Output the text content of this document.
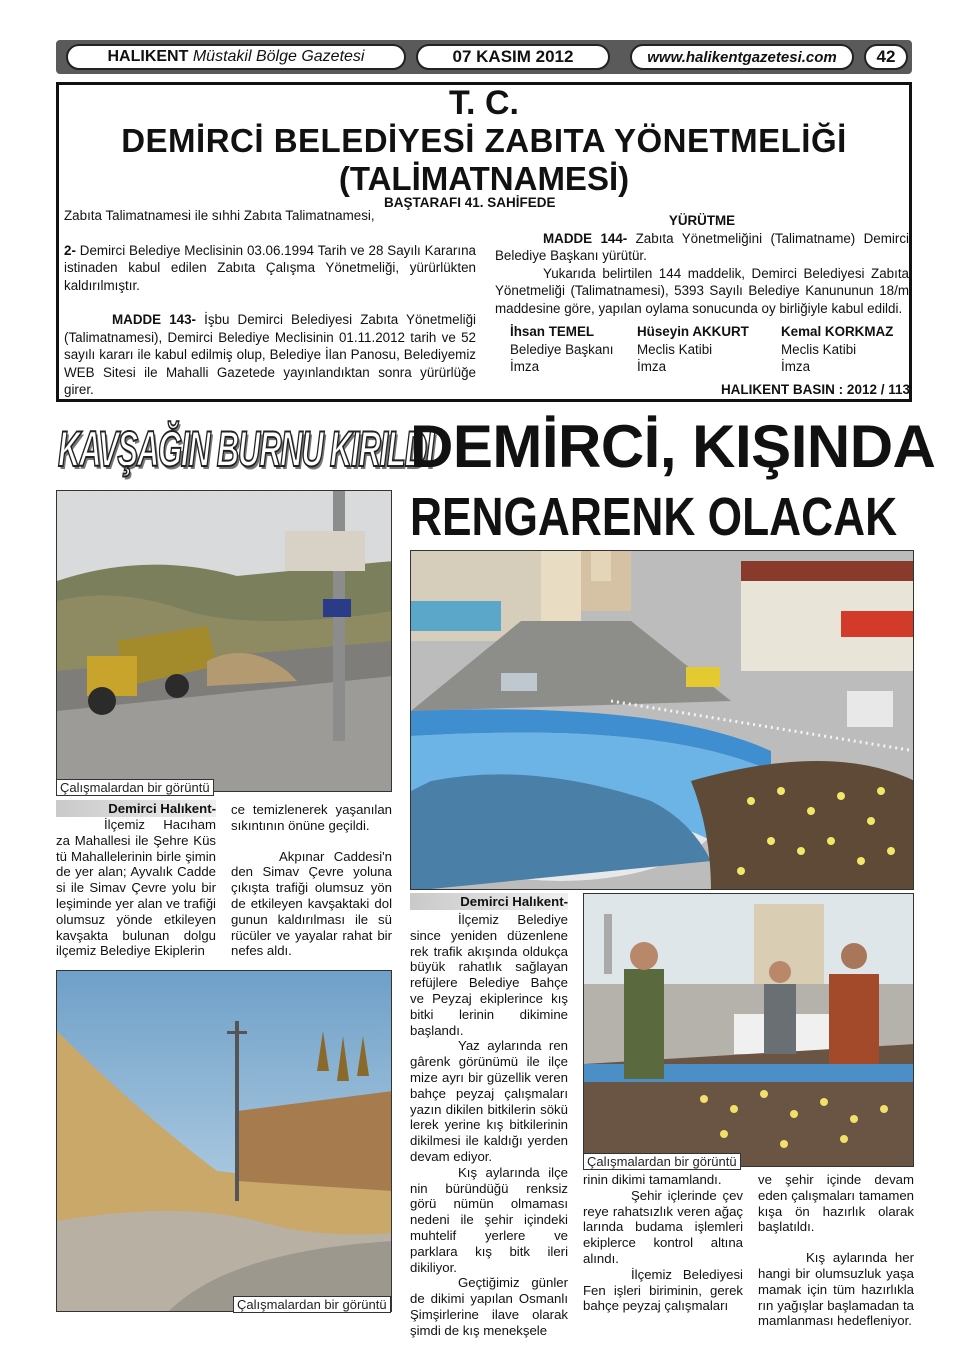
HALIKENT
Müstakil Bölge Gazetesi	07 KASIM 2012	www.halikentgazetesi.com	42
T. C.
DEMİRCİ BELEDİYESİ ZABITA YÖNETMELİĞİ
(TALİMATNAMESİ)
BAŞTARAFI 41. SAHİFEDE

Zabıta Talimatnamesi ile sıhhi Zabıta Talimatnamesi,

2- Demirci Belediye Meclisinin 03.06.1994 Tarih ve 28 Sayılı Kararına istinaden kabul edilen Zabıta Çalışma Yönetmeliği, yürürlükten kaldırılmıştır.

MADDE 143- İşbu Demirci Belediyesi Zabıta Yönetmeliği (Talimatnamesi), Demirci Belediye Meclisinin 01.11.2012 tarih ve 52 sayılı kararı ile kabul edilmiş olup, Belediye İlan Panosu, Belediyemiz WEB Sitesi ile Mahalli Gazetede yayınlandıktan sonra yürürlüğe girer.

YÜRÜTME

MADDE 144- Zabıta Yönetmeliğini (Talimatname) Demirci Belediye Başkanı yürütür.

Yukarıda belirtilen 144 maddelik, Demirci Belediyesi Zabıta Yönetmeliği (Talimatnamesi), 5393 Sayılı Belediye Kanununun 18/m maddesine göre, yapılan oylama sonucunda oy birliğiyle kabul edildi.

İhsan TEMEL
Belediye Başkanı
İmza
Hüseyin AKKURT
Meclis Katibi
İmza
Kemal KORKMAZ
Meclis Katibi
İmza
HALIKENT BASIN : 2012 / 113
KAVŞAĞIN BURNU KIRILDI
DEMİRCİ, KIŞINDA
RENGARENK OLACAK
Çalışmalardan bir görüntü
Demirci Halıkent-

İlçemiz Hacıham za Mahallesi ile Şehre Küs tü Mahallelerinin birle şimin de yer alan; Ayvalık Cadde si ile Simav Çevre yolu bir leşiminde yer alan ve trafiği olumsuz yönde etkileyen kavşakta bulunan dolgu ilçemiz Belediye Ekiplerin

ce temizlenerek yaşanılan sıkıntının önüne geçildi.

Akpınar Caddesi'n den Simav Çevre yoluna çıkışta trafiği olumsuz yön de etkileyen kavşaktaki dol gunun kaldırılması ile sü rücüler ve yayalar rahat bir nefes aldı.

Çalışmalardan bir görüntü
Demirci Halıkent-

İlçemiz Belediye since yeniden düzenlene rek trafik akışında oldukça büyük rahatlık sağlayan refüjlere Belediye Bahçe ve Peyzaj ekiplerince kış bitki lerinin dikimine başlandı.

Yaz aylarında ren gârenk görünümü ile ilçe mize ayrı bir güzellik veren bahçe peyzaj çalışmaları yazın dikilen bitkilerin sökü lerek yerine kış bitkilerinin dikilmesi ile kaldığı yerden devam ediyor.

Kış aylarında ilçe nin büründüğü renksiz görü nümün olmaması nedeni ile şehir içindeki muhtelif yerlere ve parklara kış bitk ileri dikiliyor.

Geçtiğimiz günler de dikimi yapılan Osmanlı Şimşirlerine ilave olarak şimdi de kış menekşele

Çalışmalardan bir görüntü

rinin dikimi tamamlandı.

Şehir içlerinde çev reye rahatsızlık veren ağaç larında budama işlemleri ekiplerce kontrol altına alındı.

İlçemiz Belediyesi Fen işleri biriminin, gerek bahçe peyzaj çalışmaları

ve şehir içinde devam eden çalışmaları tamamen kışa ön hazırlık olarak başlatıldı.

Kış aylarında her hangi bir olumsuzluk yaşa mamak için tüm hazırlıkla rın yağışlar başlamadan ta mamlanması hedefleniyor.
